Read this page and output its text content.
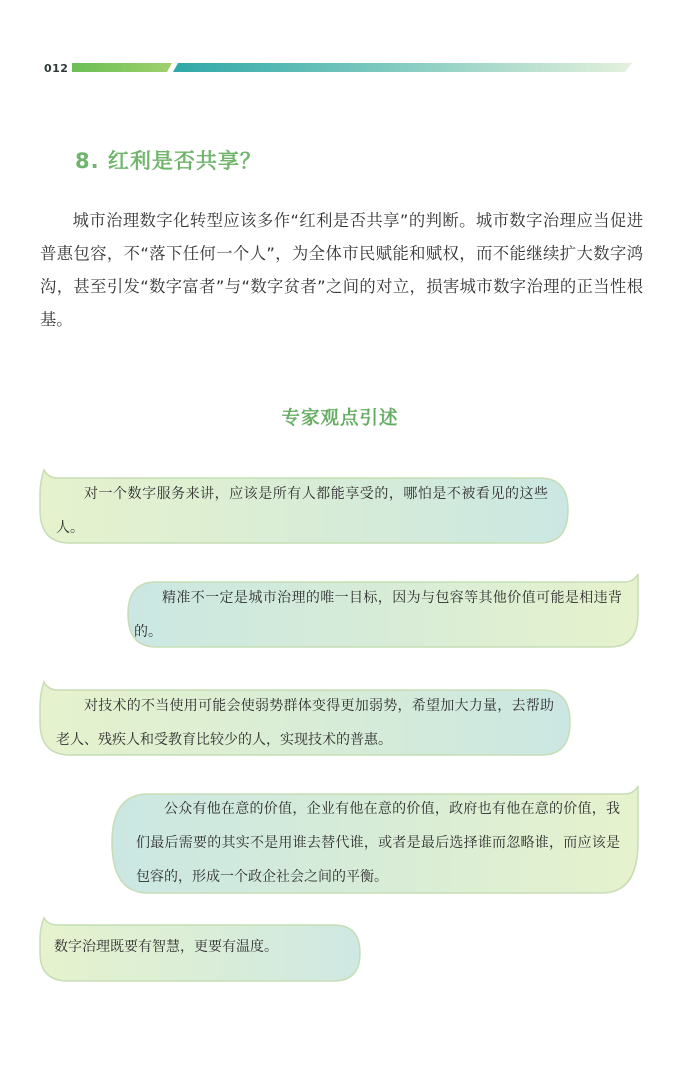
012
8. 红利是否共享？

城市治理数字化转型应该多作“红利是否共享”的判断。城市数字治理应当促进普惠包容，不“落下任何一个人”，为全体市民赋能和赋权，而不能继续扩大数字鸿沟，甚至引发“数字富者”与“数字贫者”之间的对立，损害城市数字治理的正当性根基。

专家观点引述

对一个数字服务来讲，应该是所有人都能享受的，哪怕是不被看见的这些人。

精准不一定是城市治理的唯一目标，因为与包容等其他价值可能是相违背的。

对技术的不当使用可能会使弱势群体变得更加弱势，希望加大力量，去帮助老人、残疾人和受教育比较少的人，实现技术的普惠。

公众有他在意的价值，企业有他在意的价值，政府也有他在意的价值，我们最后需要的其实不是用谁去替代谁，或者是最后选择谁而忽略谁，而应该是包容的，形成一个政企社会之间的平衡。

数字治理既要有智慧，更要有温度。
